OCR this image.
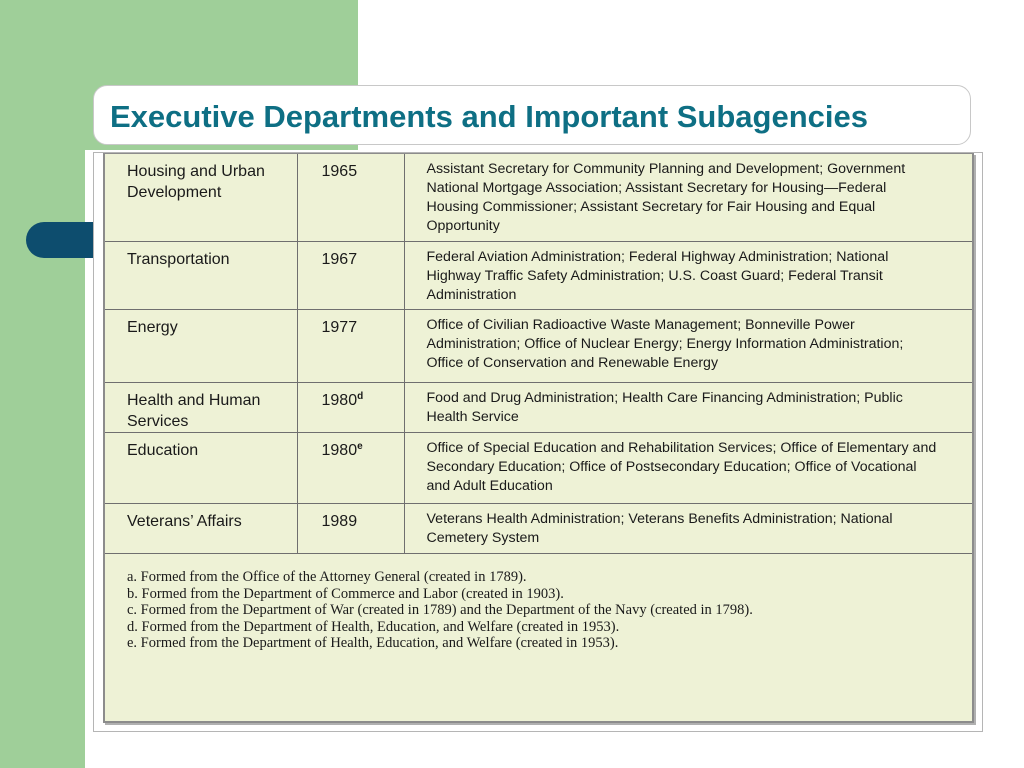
Executive Departments and Important Subagencies
Housing and Urban Development	1965	Assistant Secretary for Community Planning and Development; Government National Mortgage Association; Assistant Secretary for Housing—Federal Housing Commissioner; Assistant Secretary for Fair Housing and Equal Opportunity
Transportation	1967	Federal Aviation Administration; Federal Highway Administration; National Highway Traffic Safety Administration; U.S. Coast Guard; Federal Transit Administration
Energy	1977	Office of Civilian Radioactive Waste Management; Bonneville Power Administration; Office of Nuclear Energy; Energy Information Administration; Office of Conservation and Renewable Energy
Health and Human Services	1980$^d$	Food and Drug Administration; Health Care Financing Administration; Public Health Service
Education	1980e	Office of Special Education and Rehabilitation Services; Office of Elementary and Secondary Education; Office of Postsecondary Education; Office of Vocational and Adult Education
Veterans’ Affairs	1989	Veterans Health Administration; Veterans Benefits Administration; National Cemetery System
a. Formed from the Office of the Attorney General (created in 1789).
b. Formed from the Department of Commerce and Labor (created in 1903).
c. Formed from the Department of War (created in 1789) and the Department of the Navy (created in 1798).
d. Formed from the Department of Health, Education, and Welfare (created in 1953).
e. Formed from the Department of Health, Education, and Welfare (created in 1953).
